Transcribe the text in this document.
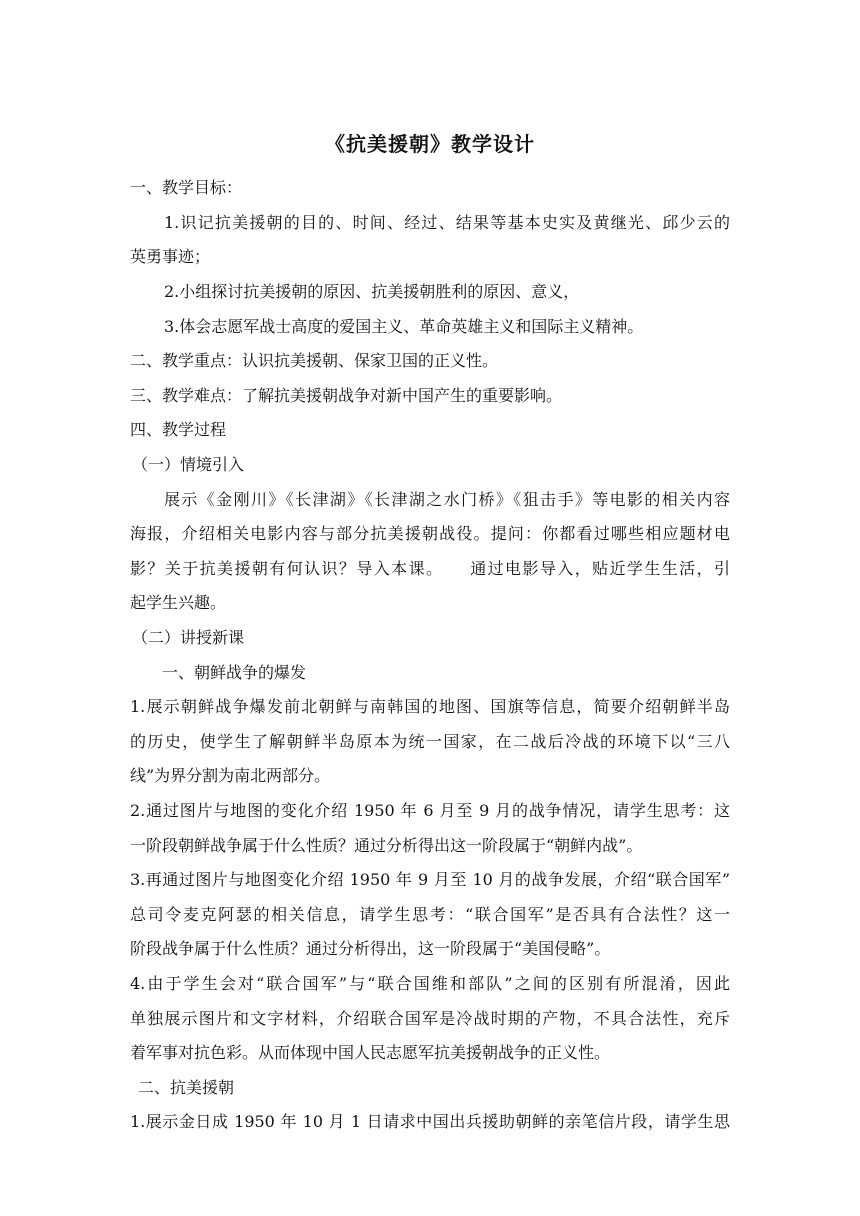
《抗美援朝》教学设计
一、教学目标：
1.识记抗美援朝的目的、时间、经过、结果等基本史实及黄继光、邱少云的
英勇事迹；
2.小组探讨抗美援朝的原因、抗美援朝胜利的原因、意义，
3.体会志愿军战士高度的爱国主义、革命英雄主义和国际主义精神。
二、教学重点：认识抗美援朝、保家卫国的正义性。
三、教学难点：了解抗美援朝战争对新中国产生的重要影响。
四、教学过程
（一）情境引入
展示《金刚川》《长津湖》《长津湖之水门桥》《狙击手》等电影的相关内容
海报，介绍相关电影内容与部分抗美援朝战役。提问：你都看过哪些相应题材电
影？关于抗美援朝有何认识？导入本课。　　通过电影导入，贴近学生生活，引
起学生兴趣。
（二）讲授新课
一、朝鲜战争的爆发
1.展示朝鲜战争爆发前北朝鲜与南韩国的地图、国旗等信息，简要介绍朝鲜半岛
的历史，使学生了解朝鲜半岛原本为统一国家，在二战后冷战的环境下以“三八
线”为界分割为南北两部分。
2.通过图片与地图的变化介绍 1950 年 6 月至 9 月的战争情况，请学生思考：这
一阶段朝鲜战争属于什么性质？通过分析得出这一阶段属于“朝鲜内战”。
3.再通过图片与地图变化介绍 1950 年 9 月至 10 月的战争发展，介绍“联合国军”
总司令麦克阿瑟的相关信息，请学生思考：“联合国军”是否具有合法性？这一
阶段战争属于什么性质？通过分析得出，这一阶段属于“美国侵略”。
4.由于学生会对“联合国军”与“联合国维和部队”之间的区别有所混淆，因此
单独展示图片和文字材料，介绍联合国军是冷战时期的产物，不具合法性，充斥
着军事对抗色彩。从而体现中国人民志愿军抗美援朝战争的正义性。
二、抗美援朝
1.展示金日成 1950 年 10 月 1 日请求中国出兵援助朝鲜的亲笔信片段，请学生思
